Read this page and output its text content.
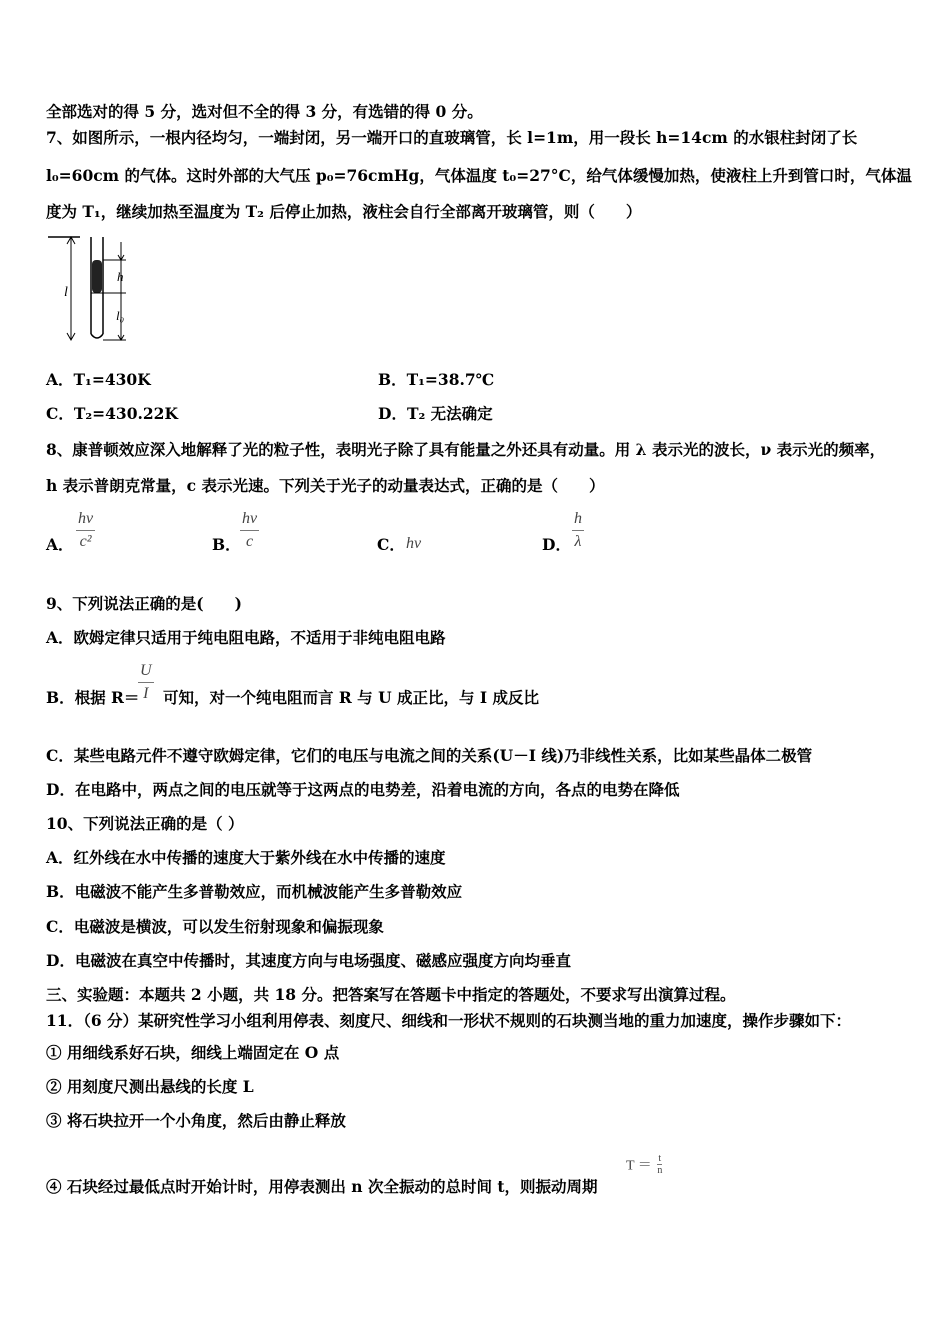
全部选对的得 5 分，选对但不全的得 3 分，有选错的得 0 分。
7、如图所示，一根内径均匀，一端封闭，另一端开口的直玻璃管，长 l=1m，用一段长 h=14cm 的水银柱封闭了长
l₀=60cm 的气体。这时外部的大气压 p₀=76cmHg，气体温度 t₀=27°C，给气体缓慢加热，使液柱上升到管口时，气体温
度为 T₁，继续加热至温度为 T₂ 后停止加热，液柱会自行全部离开玻璃管，则（　　）
l
h
l₀
A．T₁=430K	B．T₁=38.7℃
C．T₂=430.22K	D．T₂ 无法确定
8、康普顿效应深入地解释了光的粒子性，表明光子除了具有能量之外还具有动量。用 λ 表示光的波长，ν 表示光的频率，
h 表示普朗克常量，c 表示光速。下列关于光子的动量表达式，正确的是（　　）
A． $\frac{h\nu}{\text{c²}}$	B． $\frac{h\nu}{c}$	C． hν	D． $\frac{h}{\lambda}$
9、下列说法正确的是(　　)
A．欧姆定律只适用于纯电阻电路，不适用于非纯电阻电路
B．根据 R＝
$\frac{U}{I}$ 可知，对一个纯电阻而言 R 与 U 成正比，与 I 成反比
C．某些电路元件不遵守欧姆定律，它们的电压与电流之间的关系(U－I 线)乃非线性关系，比如某些晶体二极管
D．在电路中，两点之间的电压就等于这两点的电势差，沿着电流的方向，各点的电势在降低
10、下列说法正确的是（ ）
A．红外线在水中传播的速度大于紫外线在水中传播的速度
B．电磁波不能产生多普勒效应，而机械波能产生多普勒效应
C．电磁波是横波，可以发生衍射现象和偏振现象
D．电磁波在真空中传播时，其速度方向与电场强度、磁感应强度方向均垂直
三、实验题：本题共 2 小题，共 18 分。把答案写在答题卡中指定的答题处，不要求写出演算过程。
11．（6 分）某研究性学习小组利用停表、刻度尺、细线和一形状不规则的石块测当地的重力加速度，操作步骤如下：
① 用细线系好石块，细线上端固定在 O 点
② 用刻度尺测出悬线的长度 L
③ 将石块拉开一个小角度，然后由静止释放
④ 石块经过最低点时开始计时，用停表测出 n 次全振动的总时间 t，则振动周期
$T = \frac{t}{n}$
